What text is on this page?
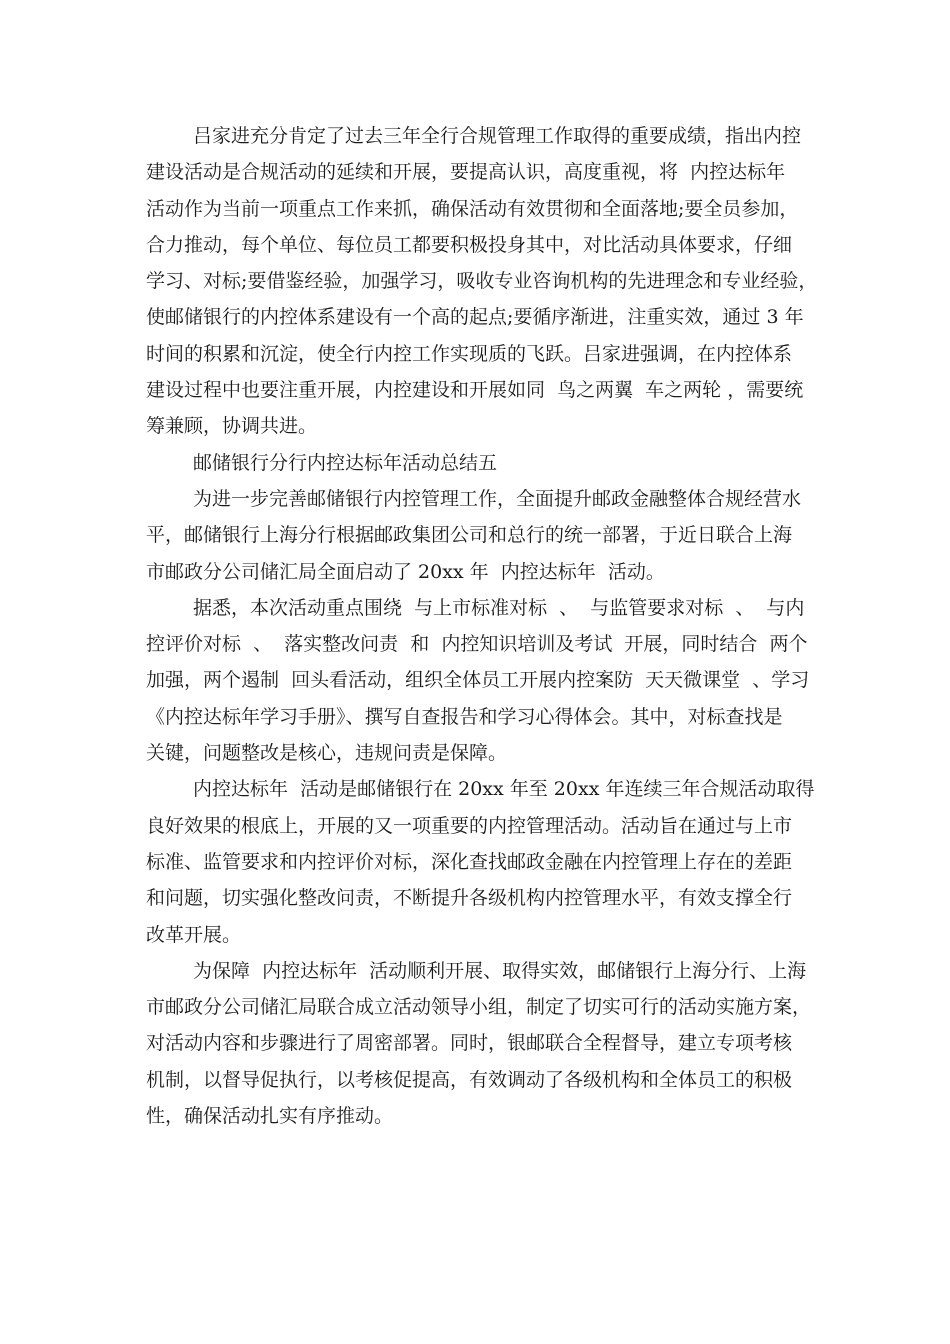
吕家进充分肯定了过去三年全行合规管理工作取得的重要成绩，指出内控
建设活动是合规活动的延续和开展，要提高认识，高度重视，将  内控达标年
活动作为当前一项重点工作来抓，确保活动有效贯彻和全面落地;要全员参加，
合力推动，每个单位、每位员工都要积极投身其中，对比活动具体要求，仔细
学习、对标;要借鉴经验，加强学习，吸收专业咨询机构的先进理念和专业经验，
使邮储银行的内控体系建设有一个高的起点;要循序渐进，注重实效，通过 3 年
时间的积累和沉淀，使全行内控工作实现质的飞跃。吕家进强调，在内控体系
建设过程中也要注重开展，内控建设和开展如同  鸟之两翼  车之两轮 ，需要统
筹兼顾，协调共进。
邮储银行分行内控达标年活动总结五
为进一步完善邮储银行内控管理工作，全面提升邮政金融整体合规经营水
平，邮储银行上海分行根据邮政集团公司和总行的统一部署，于近日联合上海
市邮政分公司储汇局全面启动了 20xx 年  内控达标年  活动。
据悉，本次活动重点围绕  与上市标准对标  、  与监管要求对标  、  与内
控评价对标  、  落实整改问责  和  内控知识培训及考试  开展，同时结合  两个
加强，两个遏制  回头看活动，组织全体员工开展内控案防  天天微课堂  、学习
《内控达标年学习手册》、撰写自查报告和学习心得体会。其中，对标查找是
关键，问题整改是核心，违规问责是保障。
内控达标年  活动是邮储银行在 20xx 年至 20xx 年连续三年合规活动取得
良好效果的根底上，开展的又一项重要的内控管理活动。活动旨在通过与上市
标准、监管要求和内控评价对标，深化查找邮政金融在内控管理上存在的差距
和问题，切实强化整改问责，不断提升各级机构内控管理水平，有效支撑全行
改革开展。
为保障  内控达标年  活动顺利开展、取得实效，邮储银行上海分行、上海
市邮政分公司储汇局联合成立活动领导小组，制定了切实可行的活动实施方案，
对活动内容和步骤进行了周密部署。同时，银邮联合全程督导，建立专项考核
机制，以督导促执行，以考核促提高，有效调动了各级机构和全体员工的积极
性，确保活动扎实有序推动。
